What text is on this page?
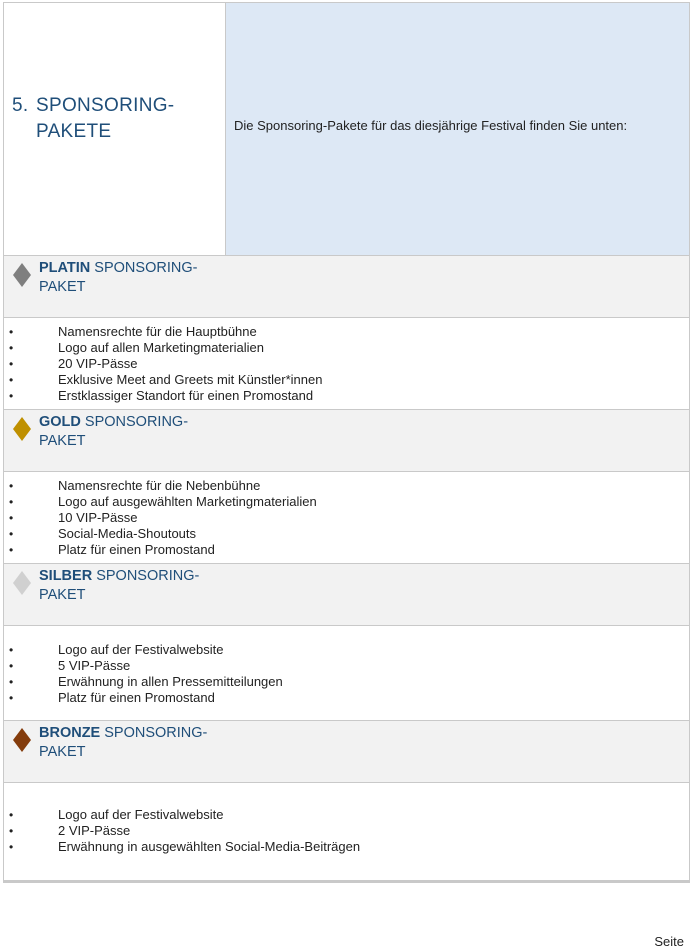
5. SPONSORING-
PAKETE	Die Sponsoring-Pakete für das diesjährige Festival finden Sie unten:
PLATIN SPONSORING-
PAKET
• Namensrechte für die Hauptbühne
• Logo auf allen Marketingmaterialien
• 20 VIP-Pässe
• Exklusive Meet and Greets mit Künstler*innen
• Erstklassiger Standort für einen Promostand
GOLD SPONSORING-
PAKET
• Namensrechte für die Nebenbühne
• Logo auf ausgewählten Marketingmaterialien
• 10 VIP-Pässe
• Social-Media-Shoutouts
• Platz für einen Promostand
SILBER SPONSORING-
PAKET
• Logo auf der Festivalwebsite
• 5 VIP-Pässe
• Erwähnung in allen Pressemitteilungen
• Platz für einen Promostand
BRONZE SPONSORING-
PAKET
• Logo auf der Festivalwebsite
• 2 VIP-Pässe
• Erwähnung in ausgewählten Social-Media-Beiträgen
Seite
